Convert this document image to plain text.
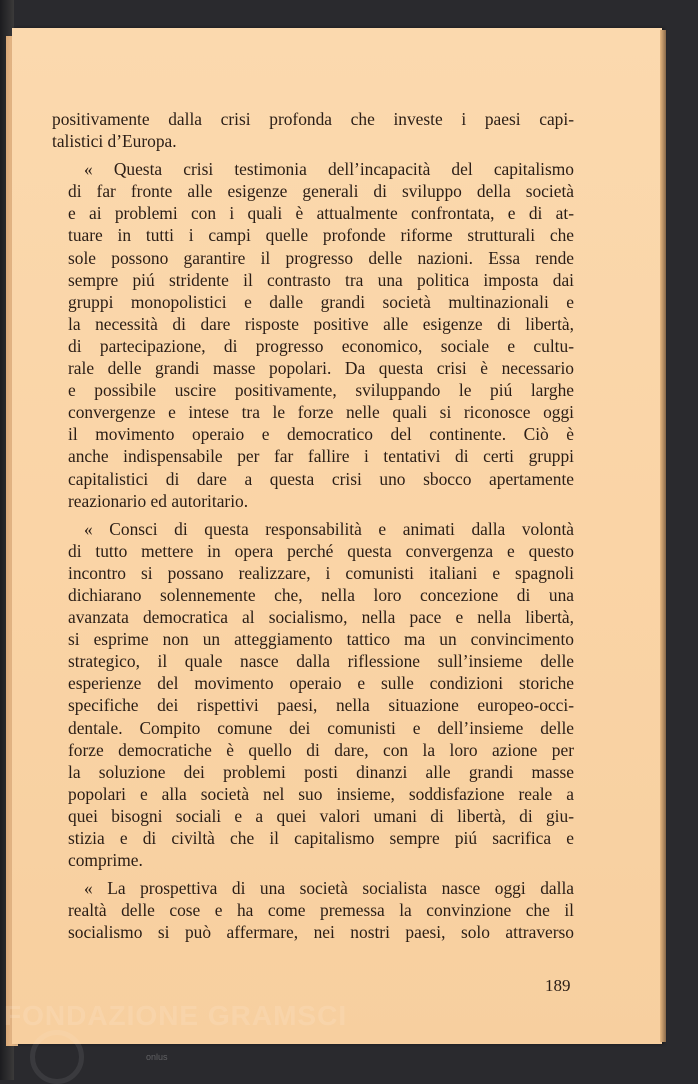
positivamente dalla crisi profonda che investe i paesi capi-
talistici d’Europa.

« Questa crisi testimonia dell’incapacità del capitalismo
di far fronte alle esigenze generali di sviluppo della società
e ai problemi con i quali è attualmente confrontata, e di at-
tuare in tutti i campi quelle profonde riforme strutturali che
sole possono garantire il progresso delle nazioni. Essa rende
sempre piú stridente il contrasto tra una politica imposta dai
gruppi monopolistici e dalle grandi società multinazionali e
la necessità di dare risposte positive alle esigenze di libertà,
di partecipazione, di progresso economico, sociale e cultu-
rale delle grandi masse popolari. Da questa crisi è necessario
e possibile uscire positivamente, sviluppando le piú larghe
convergenze e intese tra le forze nelle quali si riconosce oggi
il movimento operaio e democratico del continente. Ciò è
anche indispensabile per far fallire i tentativi di certi gruppi
capitalistici di dare a questa crisi uno sbocco apertamente
reazionario ed autoritario.

« Consci di questa responsabilità e animati dalla volontà
di tutto mettere in opera perché questa convergenza e questo
incontro si possano realizzare, i comunisti italiani e spagnoli
dichiarano solennemente che, nella loro concezione di una
avanzata democratica al socialismo, nella pace e nella libertà,
si esprime non un atteggiamento tattico ma un convincimento
strategico, il quale nasce dalla riflessione sull’insieme delle
esperienze del movimento operaio e sulle condizioni storiche
specifiche dei rispettivi paesi, nella situazione europeo-occi-
dentale. Compito comune dei comunisti e dell’insieme delle
forze democratiche è quello di dare, con la loro azione per
la soluzione dei problemi posti dinanzi alle grandi masse
popolari e alla società nel suo insieme, soddisfazione reale a
quei bisogni sociali e a quei valori umani di libertà, di giu-
stizia e di civiltà che il capitalismo sempre piú sacrifica e
comprime.

« La prospettiva di una società socialista nasce oggi dalla
realtà delle cose e ha come premessa la convinzione che il
socialismo si può affermare, nei nostri paesi, solo attraverso

189
FONDAZIONE GRAMSCI
onlus
